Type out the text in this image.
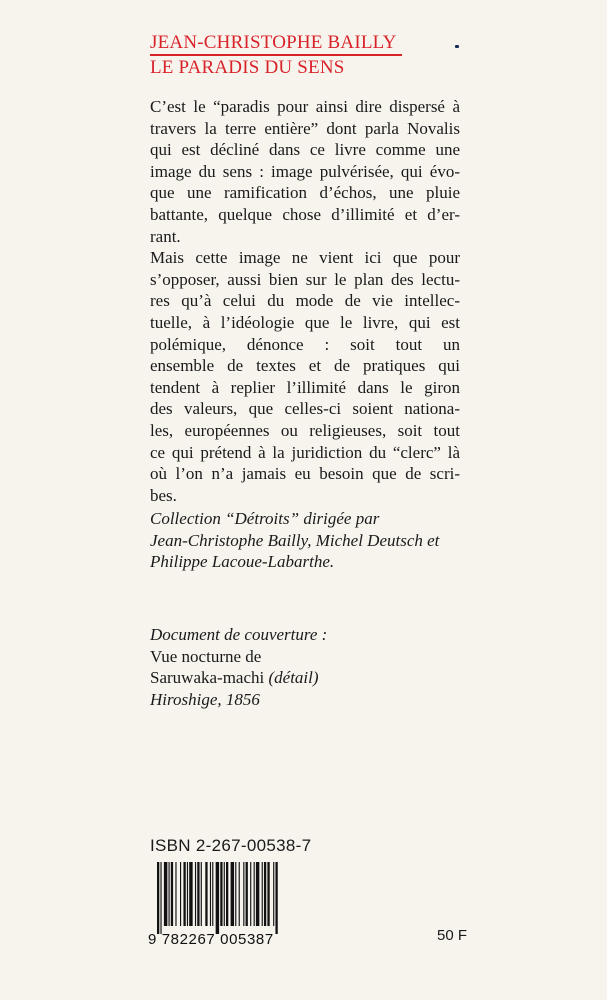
JEAN-CHRISTOPHE BAILLY
LE PARADIS DU SENS
C’est le “paradis pour ainsi dire dispersé à
travers la terre entière” dont parla Novalis
qui est décliné dans ce livre comme une
image du sens : image pulvérisée, qui évo-
que une ramification d’échos, une pluie
battante, quelque chose d’illimité et d’er-
rant.
Mais cette image ne vient ici que pour
s’opposer, aussi bien sur le plan des lectu-
res qu’à celui du mode de vie intellec-
tuelle, à l’idéologie que le livre, qui est
polémique, dénonce : soit tout un
ensemble de textes et de pratiques qui
tendent à replier l’illimité dans le giron
des valeurs, que celles-ci soient nationa-
les, européennes ou religieuses, soit tout
ce qui prétend à la juridiction du “clerc” là
où l’on n’a jamais eu besoin que de scri-
bes.
Collection “Détroits” dirigée par
Jean-Christophe Bailly, Michel Deutsch et
Philippe Lacoue-Labarthe.
Document de couverture :
Vue nocturne de
Saruwaka-machi (détail)
Hiroshige, 1856
ISBN 2-267-00538-7
9 782267 005387	50 F
